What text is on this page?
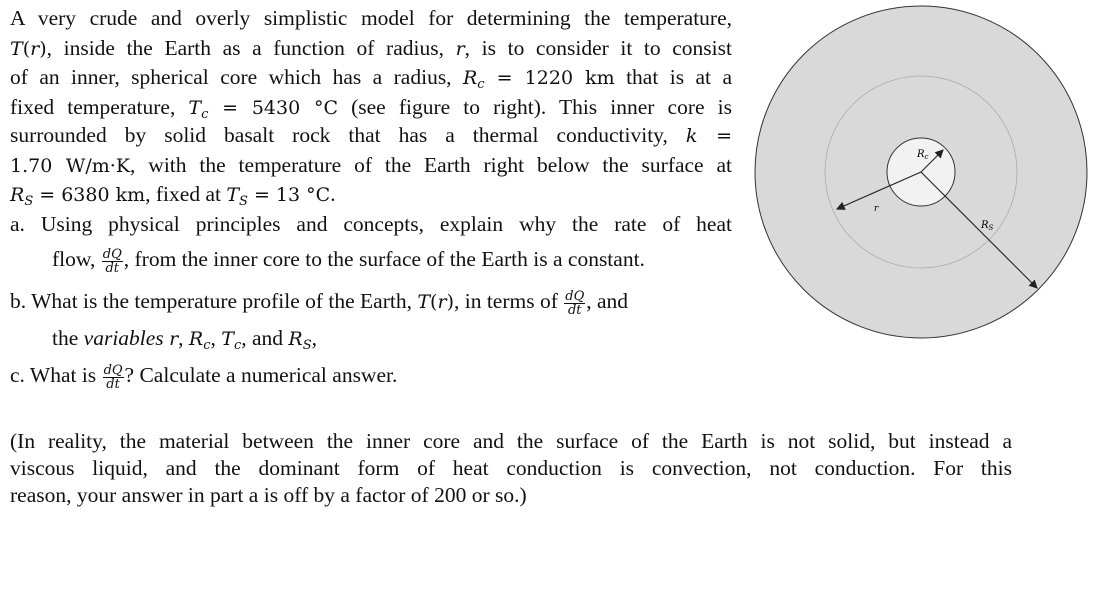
A very crude and overly simplistic model for determining the temperature,
T(r), inside the Earth as a function of radius, r, is to consider it to consist
of an inner, spherical core which has a radius, $R_c = 1220$ km that is at a
fixed temperature, $T_c = 5430$ °C (see figure to right). This inner core is
surrounded by solid basalt rock that has a thermal conductivity, k =
1.70 W/m·K, with the temperature of the Earth right below the surface at
$R_S = 6380$ km, fixed at $T_S = 13$ °C.
a. Using physical principles and concepts, explain why the rate of heat
flow, $\frac{dQ}{dt}$ , from the inner core to the surface of the Earth is a constant.
b. What is the temperature profile of the Earth, T(r), in terms of $\frac{dQ}{dt}$ , and
the variables r, $R_c$, $T_c$, and $R_S$,
c. What is $\frac{dQ}{dt}$ ? Calculate a numerical answer.
(In reality, the material between the inner core and the surface of the Earth is not solid, but instead a
viscous liquid, and the dominant form of heat conduction is convection, not conduction. For this
reason, your answer in part a is off by a factor of 200 or so.)
$R_c$
r
$R_S$
